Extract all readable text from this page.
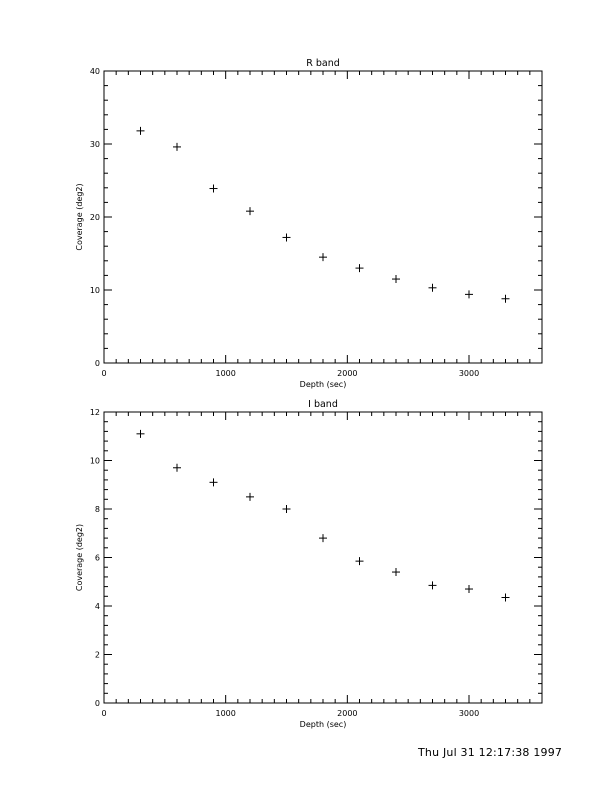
0	1000	2000	3000
0
10
20
30
40
R band
Depth (sec)
Coverage (deg2)
0	1000	2000	3000
0
2
4
6
8
10
12
I band
Depth (sec)
Coverage (deg2)
Thu Jul 31 12:17:38 1997
